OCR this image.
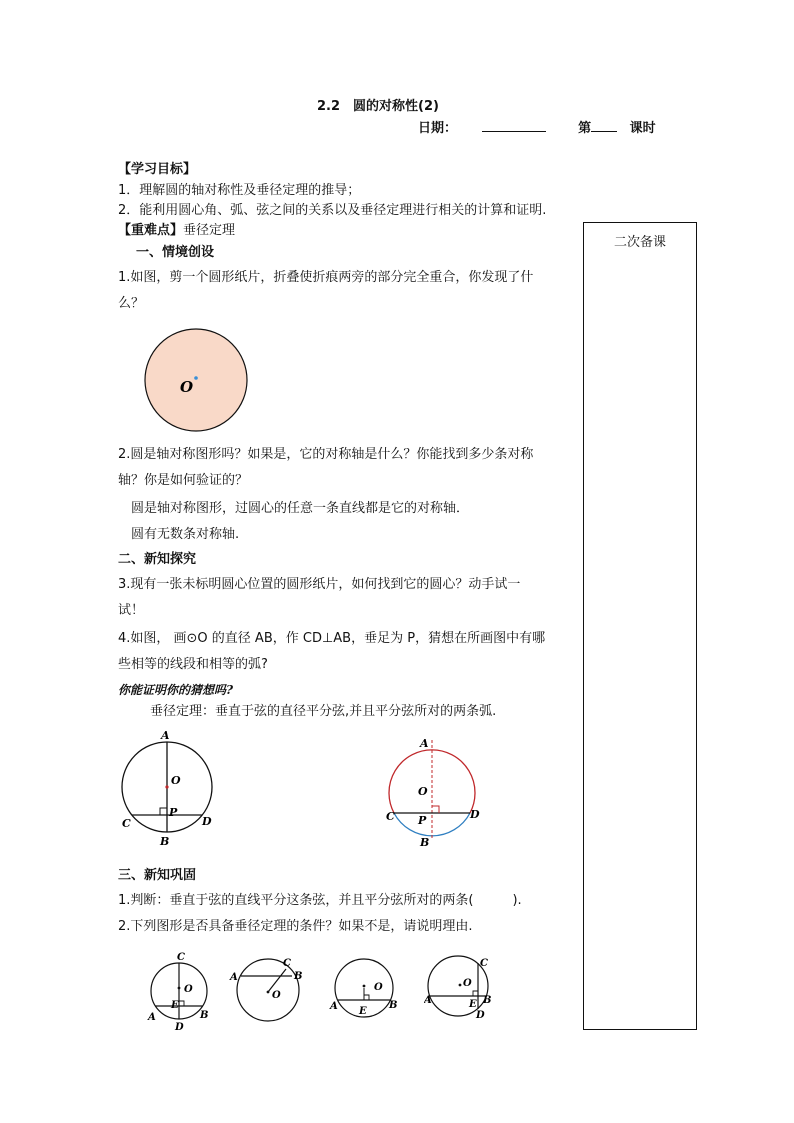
2.2　圆的对称性(2)
日期：	第	课时
【学习目标】
1．理解圆的轴对称性及垂径定理的推导；
2．能利用圆心角、弧、弦之间的关系以及垂径定理进行相关的计算和证明.
【重难点】垂径定理
二次备课
一、情境创设
1.如图，剪一个圆形纸片，折叠使折痕两旁的部分完全重合，你发现了什
么？
O
2.圆是轴对称图形吗？如果是，它的对称轴是什么？你能找到多少条对称
轴？你是如何验证的？
圆是轴对称图形，过圆心的任意一条直线都是它的对称轴．
圆有无数条对称轴.
二、新知探究
3.现有一张未标明圆心位置的圆形纸片，如何找到它的圆心？动手试一
试！
4.如图， 画⊙O 的直径 AB，作 CD⊥AB，垂足为 P，猜想在所画图中有哪
些相等的线段和相等的弧?
你能证明你的猜想吗?
垂径定理：垂直于弦的直径平分弦,并且平分弦所对的两条弧.
A
O
P
C	D
B
A
O
P
C	D
B
三、新知巩固
1.判断：垂直于弦的直线平分这条弦，并且平分弦所对的两条(　　　).
2.下列图形是否具备垂径定理的条件？如果不是，请说明理由.
C
O
E
A	B
D
A
C
B
O
O
A E
B
O
C
A	E B
D
